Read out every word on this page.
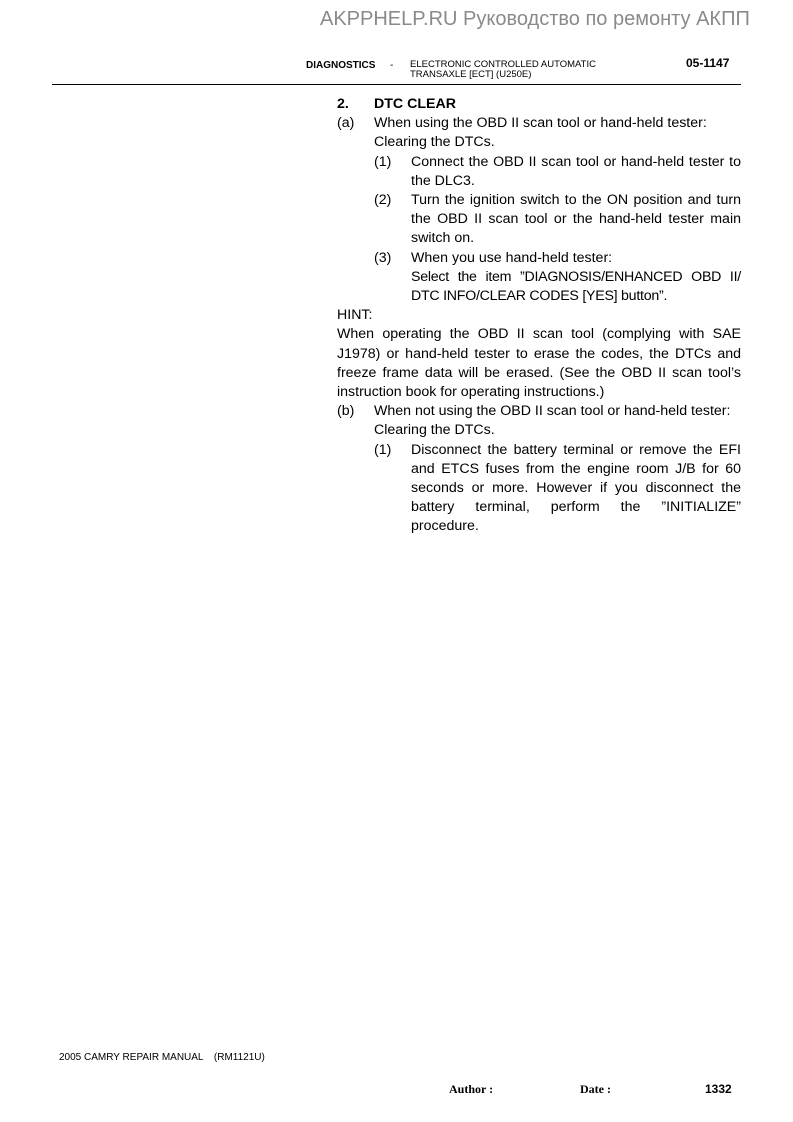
AKPPHELP.RU Руководство по ремонту АКПП
DIAGNOSTICS - ELECTRONIC CONTROLLED AUTOMATIC
TRANSAXLE [ECT] (U250E)
05-1147
2. DTC CLEAR
(a) When using the OBD II scan tool or hand-held tester:
Clearing the DTCs.
(1) Connect the OBD II scan tool or hand-held tester to the DLC3.
(2) Turn the ignition switch to the ON position and turn the OBD II scan tool or the hand-held tester main switch on.
(3) When you use hand-held tester:
Select the item ”DIAGNOSIS/ENHANCED OBD II/ DTC INFO/CLEAR CODES [YES] button”.
HINT:
When operating the OBD II scan tool (complying with SAE J1978) or hand-held tester to erase the codes, the DTCs and freeze frame data will be erased. (See the OBD II scan tool’s instruction book for operating instructions.)
(b) When not using the OBD II scan tool or hand-held tester:
Clearing the DTCs.
(1) Disconnect the battery terminal or remove the EFI and ETCS fuses from the engine room J/B for 60 seconds or more. However if you disconnect the battery terminal, perform the ”INITIALIZE” procedure.
2005 CAMRY REPAIR MANUAL (RM1121U)
Author :	Date :	1332
